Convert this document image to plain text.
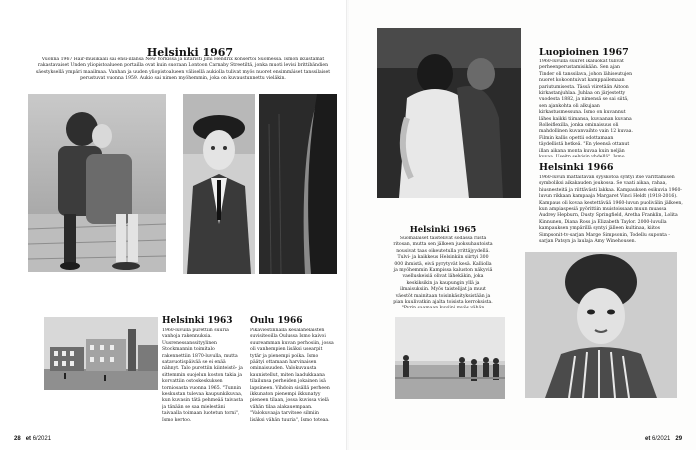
Helsinki 1967
Vuonna 1967 Hair-musikaali sai ensi-illansa New Yorkissa ja kitaristi Jimi Hendrix konsertoi Suomessa. Ismon ikuistamat rakastavaiset Unden yliopistoalueen portailla ovat kuin suoraan Lontoon Carnaby Streetiltä, jonka muoti levisi brittibändien säestyksellä ympäri maailmaa. Vanhan ja uuden yliopistoalueen välisellä aukiolla tulivat myös nuoret ensimmäiset tanssilaiset perustuvat vuonna 1959. Aukio sai nimen myöhemmin, joka on kuvaustunnettu vieläkin.
Helsinki 1963
1960-luvulla purettiin suuria vanhoja rakennuksia. Uusrenessanssityylinen Stockmannin toimitalo rakennettiin 1870-luvulla, mutta satavuotispäivää se ei enää nähnyt. Talo purettiin kiinteistö- ja sittemmin suojelun koston takia ja korvattiin ostoskeskuksen torniosasta vuonna 1965. "Tunnin keskustan tulevaa kaupunkikuvaa, kun kuvasin tätä pehmeää taivasta ja tänään se saa mielestäni taivaalla toimaan luotetun torni", Ismo kertoo.
Oulu 1966
Pikaviestinnällä kesälahelaisten suvisiteoilla Oulussa Ismo kaivoi suureamman kuvan perhosiin, jossa oli vanhempien lisäksi usearpit tytär ja pienempi poika. Ismo päätyi ottamaan harvinaisen ominaisuuden. Valokuvausta kaunistellut, miten laadukkaana tilailunsa perheiden jokainen isä lapsineen. Vihdoin sisällä perheen ikkunaton pienempi ikkunatyy pieneen tilaan, jossa kuvissa vielä vähän tilaa alakauempaan. "Valokuvaaja tarvitsee silmiin lisäksi vähän tuuria", Ismo toteaa.
28 et 6/2021
Luopioinen 1967
1960-luvulla suuret ikäluokat tulivat perheenperustamisikään. Sen ajan Tinder oli tanssilava, johon lähiseutujen nuoret kokoontuivat kamppailemaan pariutumisesta. Tässä viiretään Aitoon kirkastanjuhlaa. Juhlaa on järjestetty vuodesta 1882, ja nimensä se sai siitä, sen ajankohta oli alkujaan kirkastusmessuna. Ismo on kuvannut lähes kaikki tiimansa, kuvaanan kuvana Rolleiflexilla, jonka ominaisuus oli mahdollinen kuvanvaihto vain 12 kuvaa. Filmin kallis opettii odottamaan täydellistä hetkeä. "En yleensä ottanut illan aikana monta kuvaa kuin neljän
Helsinki 1966
1960-luvun mattaitavan syyskotoa syntyi itse värittämisen symboliksi aikakauden joukossa. Se vaati aikaa, rahaa, hiusnesteitä ja riittävästi lakkaa. Kampauksen esikuvia 1960-luvun rikkaan kampaaja Margaret Vinci Heldt (1918-2016). Kampaus oli kovaa kestettävää 1960-luvun puolivälin jälkeen, kun ampiaspesiä pyörittiin muistoissaan muun muassa Audrey Hepburn, Dusty Springfield, Aretha Franklin, Lolita Kinnunen, Diana Ross ja Elizabeth Taylor. 2000-luvulla kampauksen ympärillä syntyi jälleen kultinaa, kiitos Simpsonit-tv-sarjan Marge Simpsonin, Todellu suponta -sarjan Patsyn ja laulaja Amy Winehousen.
Helsinki 1965
Suomalaiset taistelivat sodassa riista ritosan, mutta sen jälkeen juoksuhautoista nousivat taas oikeutetulla yrittäjyydellä. Tulvi- ja kaikkeus Helsinkiin siirtyi 300 000 ihmistä, eivä pyrytyvät kesä. Kalliolla ja myöhemmin Kampissa kaluston näkyviä vaelluskeisiä olivat lähekäkin, joka keskiksikin ja kaupungin yllä ja ilmaisuksiin. Myös taistelijat ja muut väestöt mainitaan toisinkäsityksistään ja pian kuulivatkin ajalta toisista kerroksista.
et 6/2021 29
